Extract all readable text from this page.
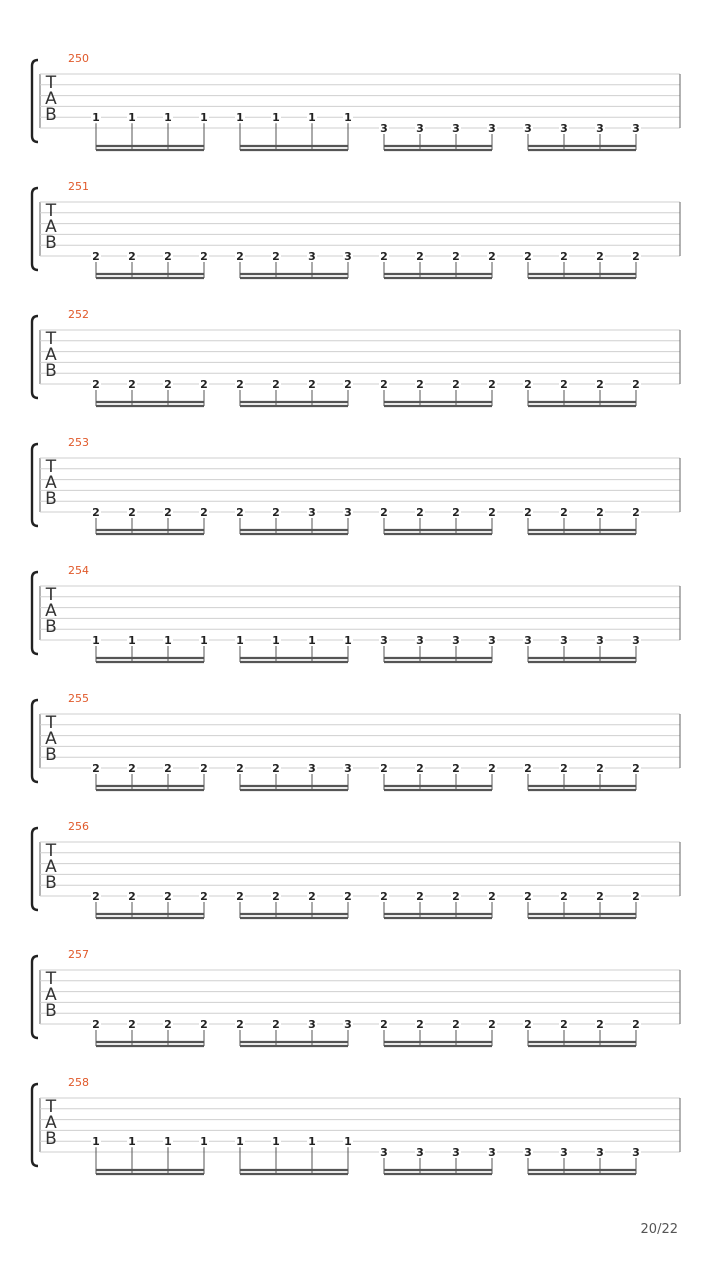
250
T
A
B	1	1	1	1	1	1	1	1
3	3	3	3	3	3	3	3
251
T
A
B
2	2	2	2	2	2	3	3	2	2	2	2	2	2	2	2
252
T
A
B
2	2	2	2	2	2	2	2	2	2	2	2	2	2	2	2
253
T
A
B
2	2	2	2	2	2	3	3	2	2	2	2	2	2	2	2
254
T
A
B
1	1	1	1	1	1	1	1	3	3	3	3	3	3	3	3
255
T
A
B
2	2	2	2	2	2	3	3	2	2	2	2	2	2	2	2
256
T
A
B
2	2	2	2	2	2	2	2	2	2	2	2	2	2	2	2
257
T
A
B
2	2	2	2	2	2	3	3	2	2	2	2	2	2	2	2
258
T
A
B	1	1	1	1	1	1	1	1
3	3	3	3	3	3	3	3
20/22
